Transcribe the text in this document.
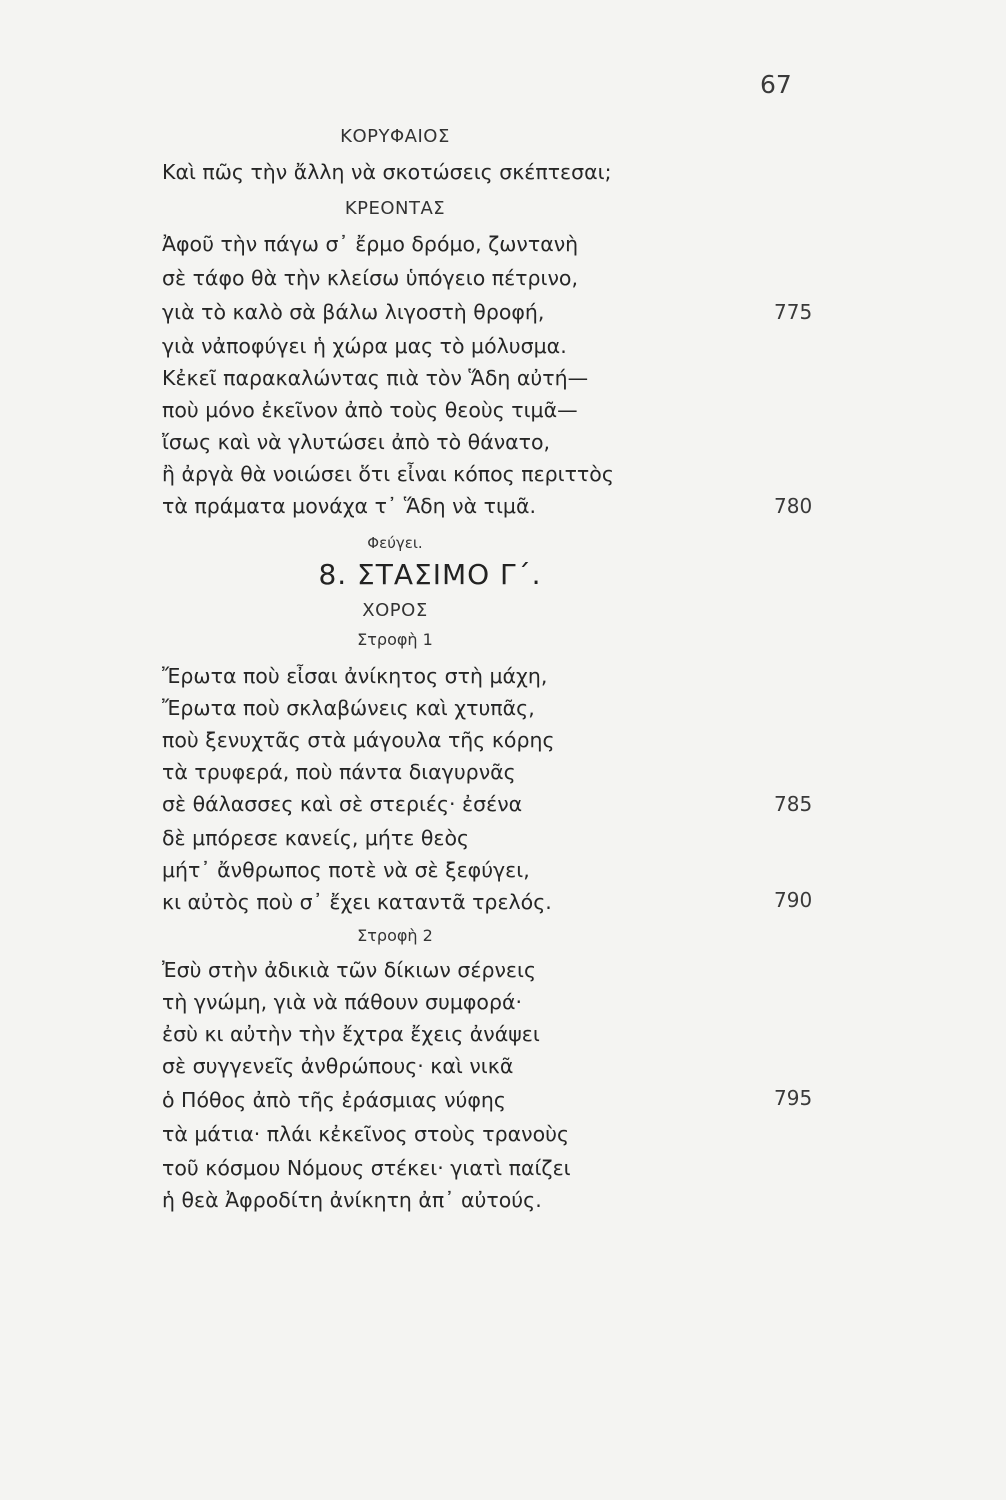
67
ΚΟΡΥΦΑΙΟΣ
Καὶ πῶς τὴν ἄλλη νὰ σκοτώσεις σκέπτεσαι;
ΚΡΕΟΝΤΑΣ
Ἀφοῦ τὴν πάγω σ᾽ ἔρμο δρόμο, ζωντανὴ
σὲ τάφο θὰ τὴν κλείσω ὑπόγειο πέτρινο,
γιὰ τὸ καλὸ σὰ βάλω λιγοστὴ θροφή,	775
γιὰ νἀποφύγει ἡ χώρα μας τὸ μόλυσμα.
Κἐκεῖ παρακαλώντας πιὰ τὸν Ἅδη αὐτή—
ποὺ μόνο ἐκεῖνον ἀπὸ τοὺς θεοὺς τιμᾶ—
ἴσως καὶ νὰ γλυτώσει ἀπὸ τὸ θάνατο,
ἢ ἀργὰ θὰ νοιώσει ὅτι εἶναι κόπος περιττὸς
τὰ πράματα μονάχα τ᾽ Ἅδη νὰ τιμᾶ.	780
Φεύγει.
8. ΣΤΑΣΙΜΟ Γ΄.
ΧΟΡΟΣ
Στροφὴ 1
Ἔρωτα ποὺ εἶσαι ἀνίκητος στὴ μάχη,
Ἔρωτα ποὺ σκλαβώνεις καὶ χτυπᾶς,
ποὺ ξενυχτᾶς στὰ μάγουλα τῆς κόρης
τὰ τρυφερά, ποὺ πάντα διαγυρνᾶς
σὲ θάλασσες καὶ σὲ στεριές· ἐσένα	785
δὲ μπόρεσε κανείς, μήτε θεὸς
μήτ᾽ ἄνθρωπος ποτὲ νὰ σὲ ξεφύγει,
κι αὐτὸς ποὺ σ᾽ ἔχει καταντᾶ τρελός.	790
Στροφὴ 2
Ἐσὺ στὴν ἀδικιὰ τῶν δίκιων σέρνεις
τὴ γνώμη, γιὰ νὰ πάθουν συμφορά·
ἐσὺ κι αὐτὴν τὴν ἔχτρα ἔχεις ἀνάψει
σὲ συγγενεῖς ἀνθρώπους· καὶ νικᾶ
ὁ Πόθος ἀπὸ τῆς ἐράσμιας νύφης	795
τὰ μάτια· πλάι κἐκεῖνος στοὺς τρανοὺς
τοῦ κόσμου Νόμους στέκει· γιατὶ παίζει
ἡ θεὰ Ἀφροδίτη ἀνίκητη ἀπ᾽ αὐτούς.
